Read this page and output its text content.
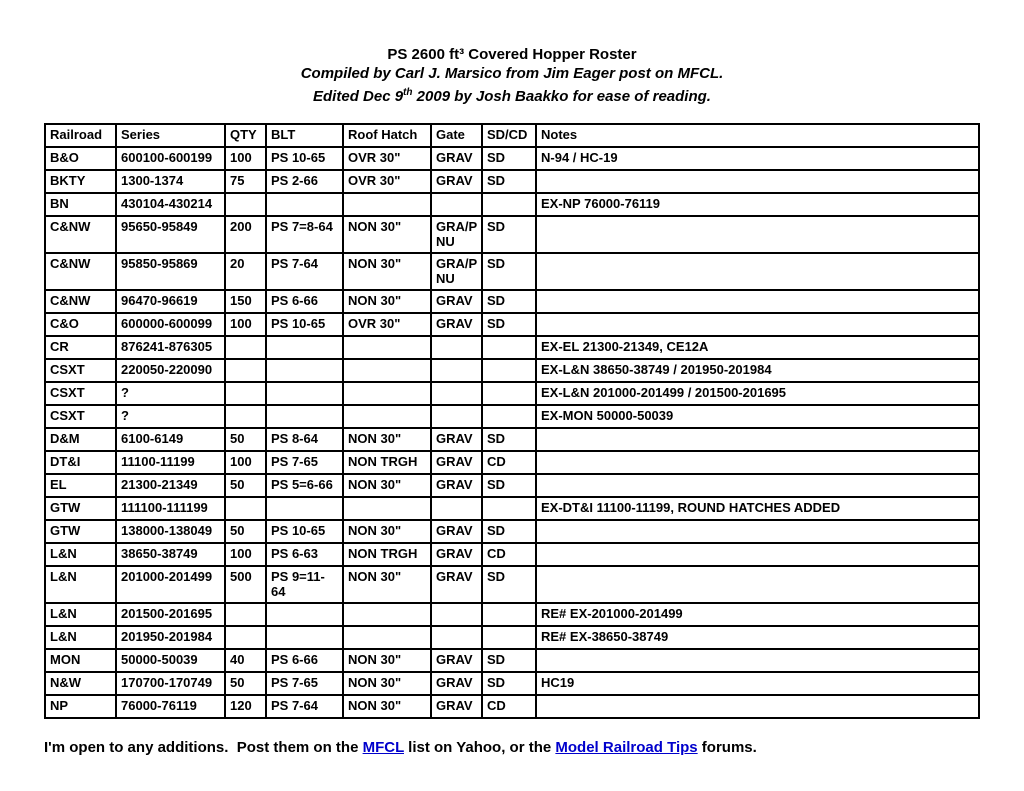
PS 2600 ft³ Covered Hopper Roster
Compiled by Carl J. Marsico from Jim Eager post on MFCL.
Edited Dec 9th 2009 by Josh Baakko for ease of reading.
Railroad	Series	QTY	BLT	Roof Hatch	Gate	SD/CD	Notes
B&O	600100-600199	100	PS 10-65	OVR 30"	GRAV	SD	N-94 / HC-19
BKTY	1300-1374	75	PS 2-66	OVR 30"	GRAV	SD	
BN	430104-430214						EX-NP 76000-76119
C&NW	95650-95849	200	PS 7=8-64	NON 30"	GRA/P NU	SD	
C&NW	95850-95869	20	PS 7-64	NON 30"	GRA/P NU	SD	
C&NW	96470-96619	150	PS 6-66	NON 30"	GRAV	SD	
C&O	600000-600099	100	PS 10-65	OVR 30"	GRAV	SD	
CR	876241-876305						EX-EL 21300-21349, CE12A
CSXT	220050-220090						EX-L&N 38650-38749 / 201950-201984
CSXT	?						EX-L&N 201000-201499 / 201500-201695
CSXT	?						EX-MON 50000-50039
D&M	6100-6149	50	PS 8-64	NON 30"	GRAV	SD	
DT&I	11100-11199	100	PS 7-65	NON TRGH	GRAV	CD	
EL	21300-21349	50	PS 5=6-66	NON 30"	GRAV	SD	
GTW	111100-111199						EX-DT&I 11100-11199, ROUND HATCHES ADDED
GTW	138000-138049	50	PS 10-65	NON 30"	GRAV	SD	
L&N	38650-38749	100	PS 6-63	NON TRGH	GRAV	CD	
L&N	201000-201499	500	PS 9=11-64	NON 30"	GRAV	SD	
L&N	201500-201695						RE# EX-201000-201499
L&N	201950-201984						RE# EX-38650-38749
MON	50000-50039	40	PS 6-66	NON 30"	GRAV	SD	
N&W	170700-170749	50	PS 7-65	NON 30"	GRAV	SD	HC19
NP	76000-76119	120	PS 7-64	NON 30"	GRAV	CD	

I'm open to any additions.  Post them on the MFCL list on Yahoo, or the Model Railroad Tips forums.
